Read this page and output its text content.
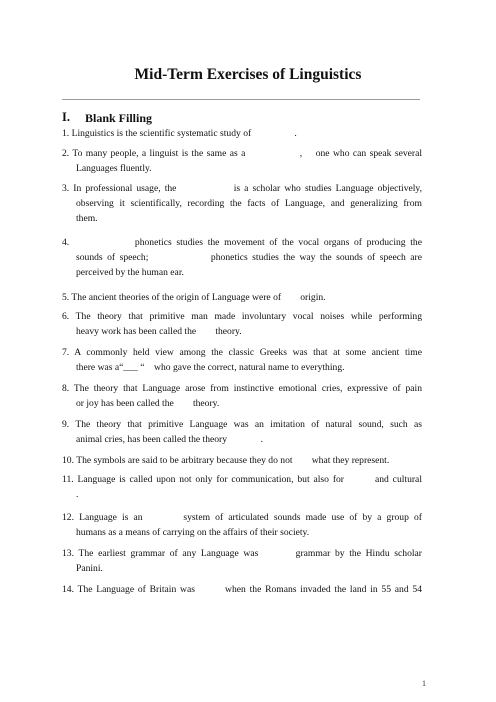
Mid-Term Exercises of Linguistics
I. Blank Filling
1. Linguistics is the scientific systematic study of                  .
2. To many people, a linguist is the same as a                ,    one who can speak several
Languages fluently.
3. In professional usage, the              is a scholar who studies Language objectively,
observing it scientifically, recording the facts of Language, and generalizing from
them.
4.              phonetics studies the movement of the vocal organs of producing the
sounds of speech;              phonetics studies the way the sounds of speech are
perceived by the human ear.
5. The ancient theories of the origin of Language were of        origin.
6. The theory that primitive man made involuntary vocal noises while performing
heavy work has been called the        theory.
7. A commonly held view among the classic Greeks was that at some ancient time
there was a“___ “    who gave the correct, natural name to everything.
8. The theory that Language arose from instinctive emotional cries, expressive of pain
or joy has been called the        theory.
9. The theory that primitive Language was an imitation of natural sound, such as
animal cries, has been called the theory              .
10. The symbols are said to be arbitrary because they do not        what they represent.
11. Language is called upon not only for communication, but also for        and cultural
.
12. Language is an        system of articulated sounds made use of by a group of
humans as a means of carrying on the affairs of their society.
13. The earliest grammar of any Language was        grammar by the Hindu scholar
Panini.
14. The Language of Britain was        when the Romans invaded the land in 55 and 54
1
